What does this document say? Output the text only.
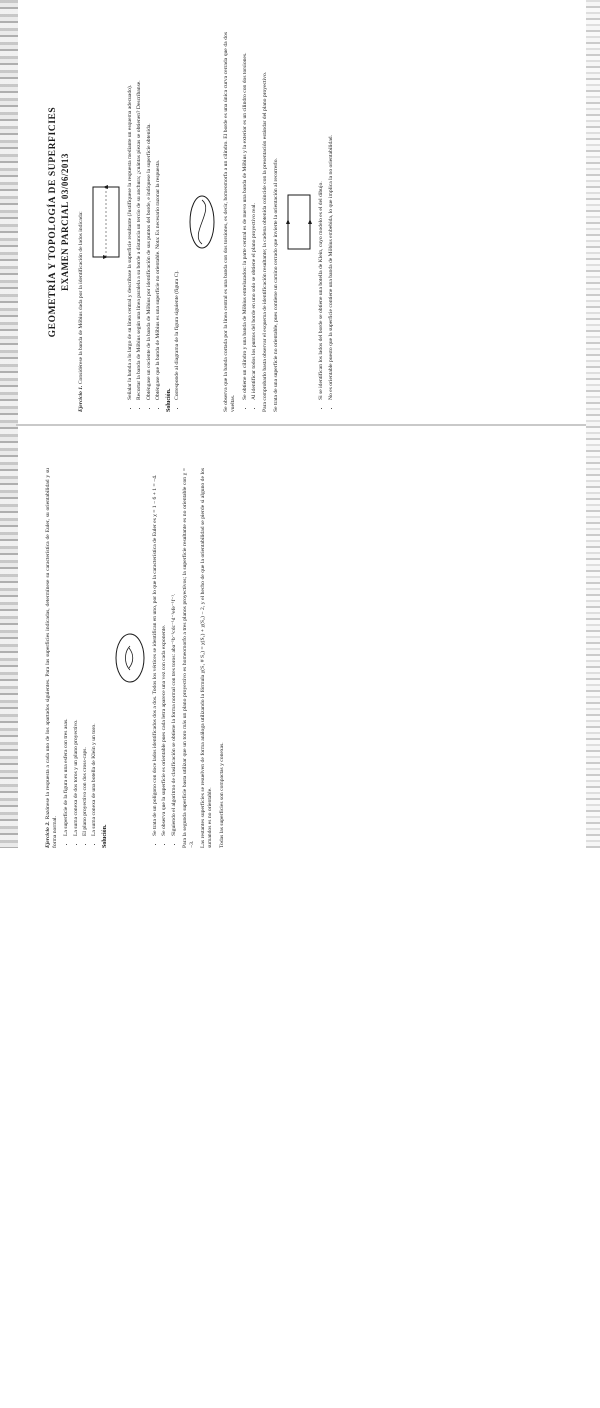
GEOMETRÍA Y TOPOLOGÍA DE SUPERFICIES EXAMEN PARCIAL 03/06/2013

Ejercicio 1. Considérese la banda de Möbius dada por la identificación de lados indicada:	• Señalar la banda a lo largo de su línea central y descríbase la superficie resultante (Justifíquese la respuesta mediante un esquema adecuado). • Recortar la banda de Möbius según una línea paralela a su borde a distancia un tercio de su anchura; ¿cuántas piezas se obtienen? Descríbanse. • Obténgase un cociente de la banda de Möbius por identificación de sus puntos del borde, e indíquese la superficie obtenida. • Obténgase que la banda de Möbius es una superficie no orientable. Nota: Es necesario razonar la respuesta.

Solución.

• Corresponde al diagrama de la figura siguiente (figura C).	Se observa que la banda cortada por la línea central es una banda con dos torsiones, es decir, homeomorfa a un cilindro. El borde es una única curva cerrada que da dos vueltas.

• Se obtiene un cilindro y una banda de Möbius entrelazados: la parte central es de nuevo una banda de Möbius y la exterior es un cilindro con dos torsiones. • Al identificar todos los puntos del borde en uno solo se obtiene el plano proyectivo real. Para comprobarlo basta observar el esquema de identificación resultante; la cadena obtenida coincide con la presentación estándar del plano proyectivo. Se trata de una superficie no orientable, pues contiene un camino cerrado que invierte la orientación al recorrerlo.	• Si se identifican los lados del borde se obtiene una botella de Klein, cuyo modelo es el del dibujo. • No es orientable puesto que la superficie contiene una banda de Möbius embebida, lo que implica la no orientabilidad.

Ejercicio 2. Razónese la respuesta a cada uno de los apartados siguientes. Para las superficies indicadas, determínese su característica de Euler, su orientabilidad y su forma normal. • La superficie de la figura es una esfera con tres asas. • La suma conexa de dos toros y un plano proyectivo. • El plano proyectivo con dos cross-caps. • La suma conexa de una botella de Klein y un toro.

Solución.

• Se trata de un polígono con doce lados identificados dos a dos. Todos los vértices se identifican en uno, por lo que la característica de Euler es χ = 1 − 6 + 1 = −4. • Se observa que la superficie es orientable pues cada letra aparece una vez con cada exponente. • Siguiendo el algoritmo de clasificación se obtiene la forma normal con tres toros: aba⁻¹b⁻¹cdc⁻¹d⁻¹efe⁻¹f⁻¹. Para la segunda superficie basta utilizar que un toro más un plano proyectivo es homeomorfo a tres planos proyectivos; la superficie resultante es no orientable con χ = −3. Las restantes superficies se resuelven de forma análoga utilizando la fórmula χ(S₁ # S₂) = χ(S₁) + χ(S₂) − 2, y el hecho de que la orientabilidad se pierde si alguno de los sumandos es no orientable. Todas las superficies son compactas y conexas.
